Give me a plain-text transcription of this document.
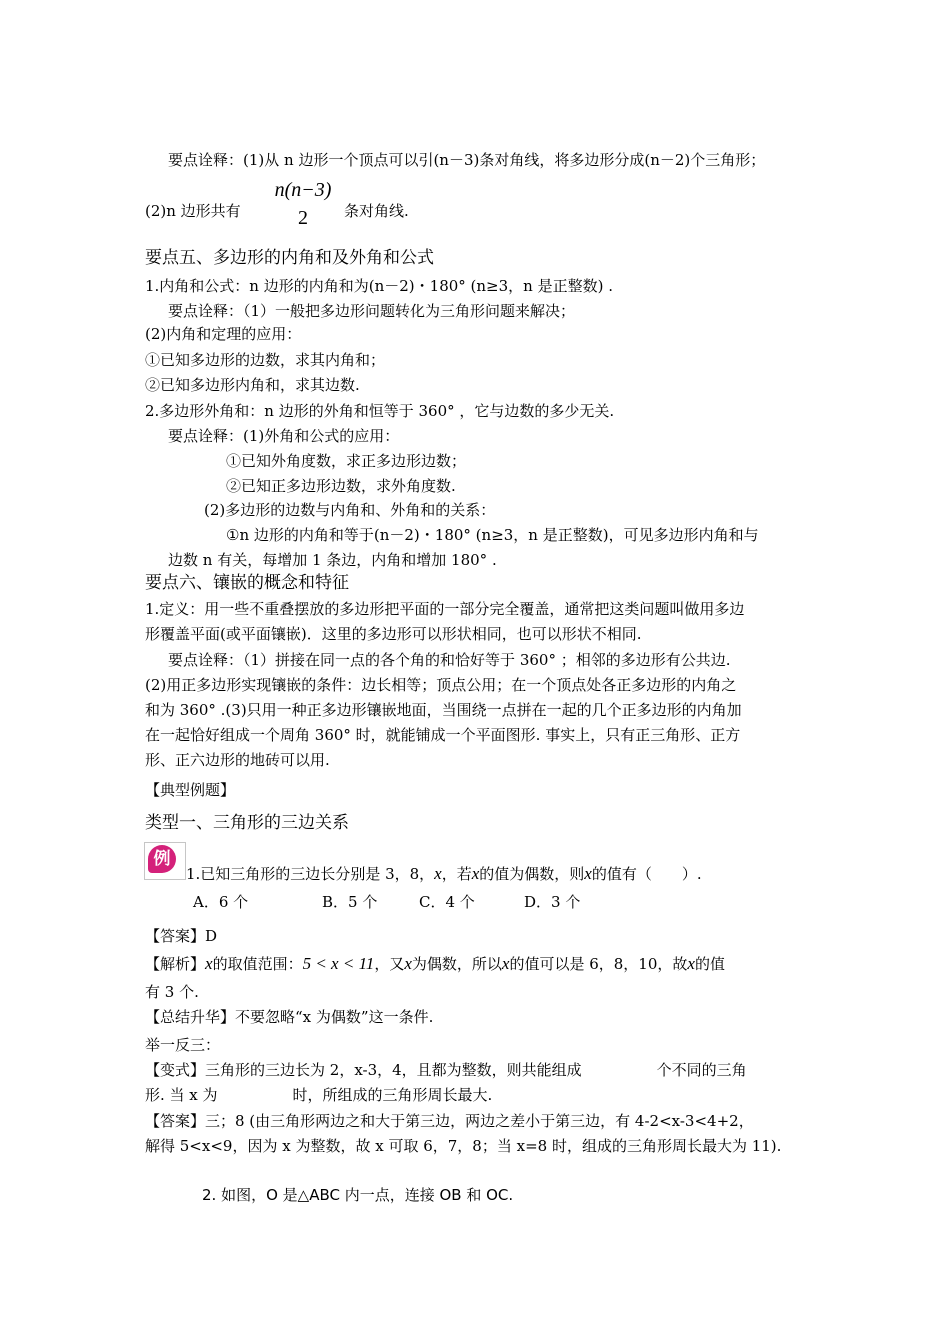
要点诠释：(1)从 n 边形一个顶点可以引(n－3)条对角线，将多边形分成(n－2)个三角形；
(2)n 边形共有
n(n−3)
2	条对角线.
要点五、多边形的内角和及外角和公式
1.内角和公式：n 边形的内角和为(n－2)・180° (n≥3，n 是正整数) .
要点诠释：（1）一般把多边形问题转化为三角形问题来解决；
(2)内角和定理的应用：
①已知多边形的边数，求其内角和；
②已知多边形内角和，求其边数.
2.多边形外角和：n 边形的外角和恒等于 360° ，它与边数的多少无关.
要点诠释：(1)外角和公式的应用：
①已知外角度数，求正多边形边数；
②已知正多边形边数，求外角度数.
(2)多边形的边数与内角和、外角和的关系：
①n 边形的内角和等于(n－2)・180° (n≥3，n 是正整数)，可见多边形内角和与
边数 n 有关，每增加 1 条边，内角和增加 180° .
要点六、镶嵌的概念和特征
1.定义：用一些不重叠摆放的多边形把平面的一部分完全覆盖，通常把这类问题叫做用多边
形覆盖平面(或平面镶嵌)．这里的多边形可以形状相同，也可以形状不相同.
要点诠释：（1）拼接在同一点的各个角的和恰好等于 360° ；相邻的多边形有公共边.
(2)用正多边形实现镶嵌的条件：边长相等；顶点公用；在一个顶点处各正多边形的内角之
和为 360° .(3)只用一种正多边形镶嵌地面，当围绕一点拼在一起的几个正多边形的内角加
在一起恰好组成一个周角 360° 时，就能铺成一个平面图形. 事实上，只有正三角形、正方
形、正六边形的地砖可以用.
【典型例题】
类型一、三角形的三边关系
例
1.已知三角形的三边长分别是 3，8，x，若x的值为偶数，则x的值有（　　）.
A．6 个	B．5 个	C．4 个	D．3 个
【答案】D
【解析】x的取值范围：5 < x < 11，又x为偶数，所以x的值可以是 6，8，10，故x的值
有 3 个.
【总结升华】不要忽略“x 为偶数”这一条件.
举一反三：
【变式】三角形的三边长为 2，x-3，4，且都为整数，则共能组成　　　　　个不同的三角
形. 当 x 为　　　　　时，所组成的三角形周长最大.
【答案】三；8 (由三角形两边之和大于第三边，两边之差小于第三边，有 4-2<x-3<4+2，
解得 5<x<9，因为 x 为整数，故 x 可取 6，7，8；当 x=8 时，组成的三角形周长最大为 11).
2. 如图，O 是△ABC 内一点，连接 OB 和 OC.
